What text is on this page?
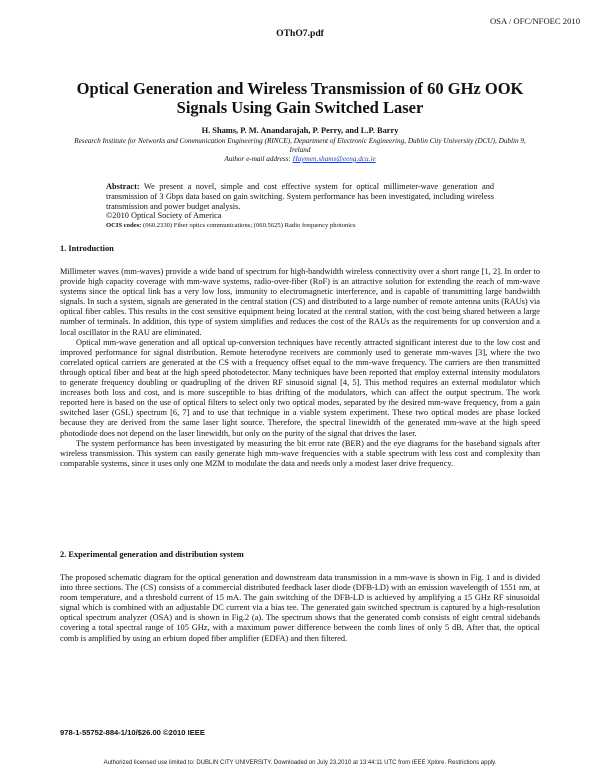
OSA / OFC/NFOEC 2010
OThO7.pdf
Optical Generation and Wireless Transmission of 60 GHz OOK Signals Using Gain Switched Laser
H. Shams, P. M. Anandarajah, P. Perry, and L.P. Barry
Research Institute for Networks and Communication Engineering (RINCE), Department of Electronic Engineering, Dublin City University (DCU), Dublin 9, Ireland
Author e-mail address: Haymen.shams@eeng.dcu.ie
Abstract: We present a novel, simple and cost effective system for optical millimeter-wave generation and transmission of 3 Gbps data based on gain switching. System performance has been investigated, including wireless transmission and power budget analysis.
©2010 Optical Society of America
OCIS codes: (060.2330) Fiber optics communications; (060.5625) Radio frequency photonics
1. Introduction

Millimeter waves (mm-waves) provide a wide band of spectrum for high-bandwidth wireless connectivity over a short range [1, 2]. In order to provide high capacity coverage with mm-wave systems, radio-over-fiber (RoF) is an attractive solution for extending the reach of mm-wave systems since the optical link has a very low loss, immunity to electromagnetic interference, and is capable of transmitting large bandwidth signals. In such a system, signals are generated in the central station (CS) and distributed to a large number of remote antenna units (RAUs) via optical fiber cables. This results in the cost sensitive equipment being located at the central station, with the cost being shared between a large number of terminals. In addition, this type of system simplifies and reduces the cost of the RAUs as the requirements for up conversion and a local oscillator in the RAU are eliminated.

Optical mm-wave generation and all optical up-conversion techniques have recently attracted significant interest due to the low cost and improved performance for signal distribution. Remote heterodyne receivers are commonly used to generate mm-waves [3], where the two correlated optical carriers are generated at the CS with a frequency offset equal to the mm-wave frequency. The carriers are then transmitted through optical fiber and beat at the high speed photodetector. Many techniques have been reported that employ external intensity modulators to generate frequency doubling or quadrupling of the driven RF sinusoid signal [4, 5]. This method requires an external modulator which increases both loss and cost, and is more susceptible to bias drifting of the modulators, which can affect the output spectrum. The work reported here is based on the use of optical filters to select only two optical modes, separated by the desired mm-wave frequency, from a gain switched laser (GSL) spectrum [6, 7] and to use that technique in a viable system experiment. These two optical modes are phase locked because they are derived from the same laser light source. Therefore, the spectral linewidth of the generated mm-wave at the high speed photodiode does not depend on the laser linewidth, but only on the purity of the signal that drives the laser.

The system performance has been investigated by measuring the bit error rate (BER) and the eye diagrams for the baseband signals after wireless transmission. This system can easily generate high mm-wave frequencies with a stable spectrum with less cost and complexity than comparable systems, since it uses only one MZM to modulate the data and needs only a modest laser drive frequency.

2. Experimental generation and distribution system

The proposed schematic diagram for the optical generation and downstream data transmission in a mm-wave is shown in Fig. 1 and is divided into three sections. The (CS) consists of a commercial distributed feedback laser diode (DFB-LD) with an emission wavelength of 1551 nm, at room temperature, and a threshold current of 15 mA. The gain switching of the DFB-LD is achieved by amplifying a 15 GHz RF sinusoidal signal which is combined with an adjustable DC current via a bias tee. The generated gain switched spectrum is captured by a high-resolution optical spectrum analyzer (OSA) and is shown in Fig.2 (a). The spectrum shows that the generated comb consists of eight central sidebands covering a total spectral range of 105 GHz, with a maximum power difference between the comb lines of only 5 dB. After that, the optical comb is amplified by using an erbium doped fiber amplifier (EDFA) and then filtered.

978-1-55752-884-1/10/$26.00 ©2010 IEEE
Authorized licensed use limited to: DUBLIN CITY UNIVERSITY. Downloaded on July 23,2010 at 13:44:11 UTC from IEEE Xplore. Restrictions apply.
